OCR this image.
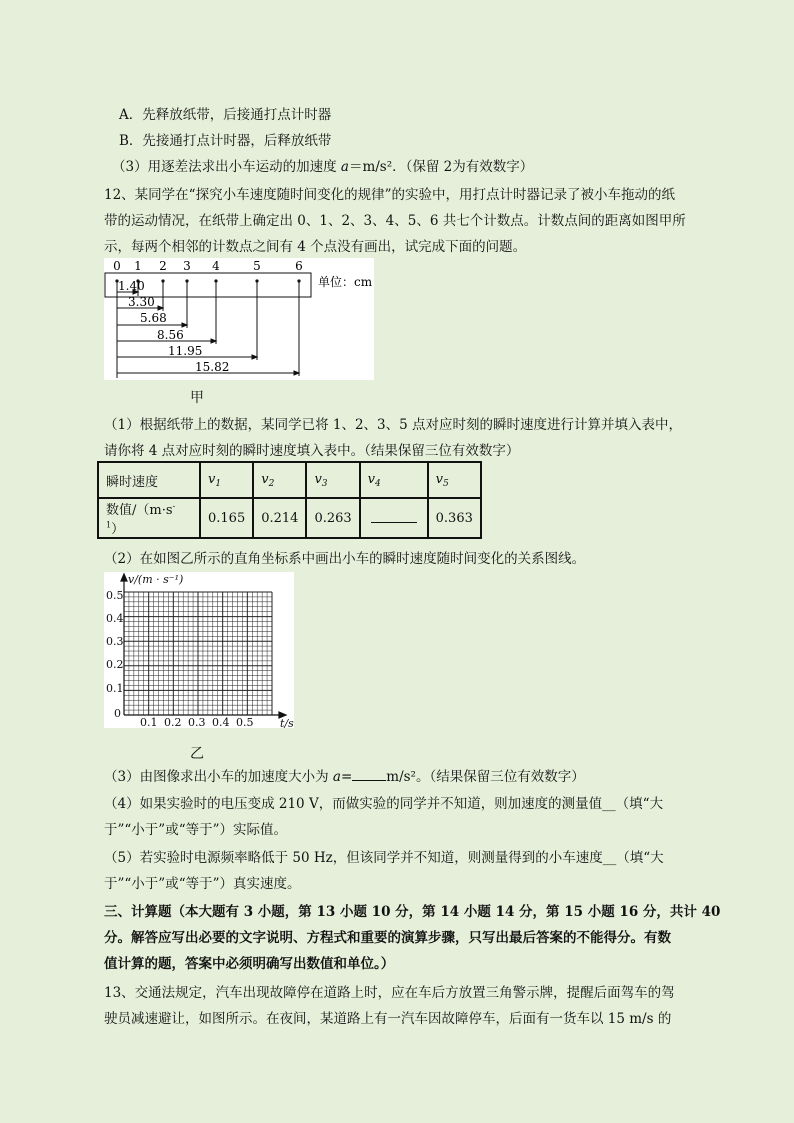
A．先释放纸带，后接通打点计时器
B．先接通打点计时器，后释放纸带
（3）用逐差法求出小车运动的加速度 a＝m/s²．（保留 2为有效数字）
12、某同学在“探究小车速度随时间变化的规律”的实验中，用打点计时器记录了被小车拖动的纸
带的运动情况，在纸带上确定出 0、1、2、3、4、5、6 共七个计数点。计数点间的距离如图甲所
示，每两个相邻的计数点之间有 4 个点没有画出，试完成下面的问题。
0 1 2 3 4	5	6
1.40
3.30
5.68
8.56
11.95
15.82
单位：cm
甲
（1）根据纸带上的数据，某同学已将 1、2、3、5 点对应时刻的瞬时速度进行计算并填入表中，
请你将 4 点对应时刻的瞬时速度填入表中。（结果保留三位有效数字）
瞬时速度	$v_1$	$v_2$	$v_3$	$v_4$	$v_5$
数值$/(m\cdot s^{-1})$	0.165	0.214	0.263		0.363
（2）在如图乙所示的直角坐标系中画出小车的瞬时速度随时间变化的关系图线。
v/(m · s⁻¹)
0.5
0.4
0.3
0.2
0.1
0
0.1 0.2 0.3 0.4 0.5 t/s
乙
（3）由图像求出小车的加速度大小为 a=	m/s²。（结果保留三位有效数字）
（4）如果实验时的电压变成 210 V，而做实验的同学并不知道，则加速度的测量值__（填“大
于”“小于”或“等于”）实际值。
（5）若实验时电源频率略低于 50 Hz，但该同学并不知道，则测量得到的小车速度__（填“大
于”“小于”或“等于”）真实速度。
三、计算题（本大题有 3 小题，第 13 小题 10 分，第 14 小题 14 分，第 15 小题 16 分，共计 40
分。解答应写出必要的文字说明、方程式和重要的演算步骤，只写出最后答案的不能得分。有数
值计算的题，答案中必须明确写出数值和单位。）
13、交通法规定，汽车出现故障停在道路上时，应在车后方放置三角警示牌，提醒后面驾车的驾
驶员减速避让，如图所示。在夜间，某道路上有一汽车因故障停车，后面有一货车以 15 m/s 的
